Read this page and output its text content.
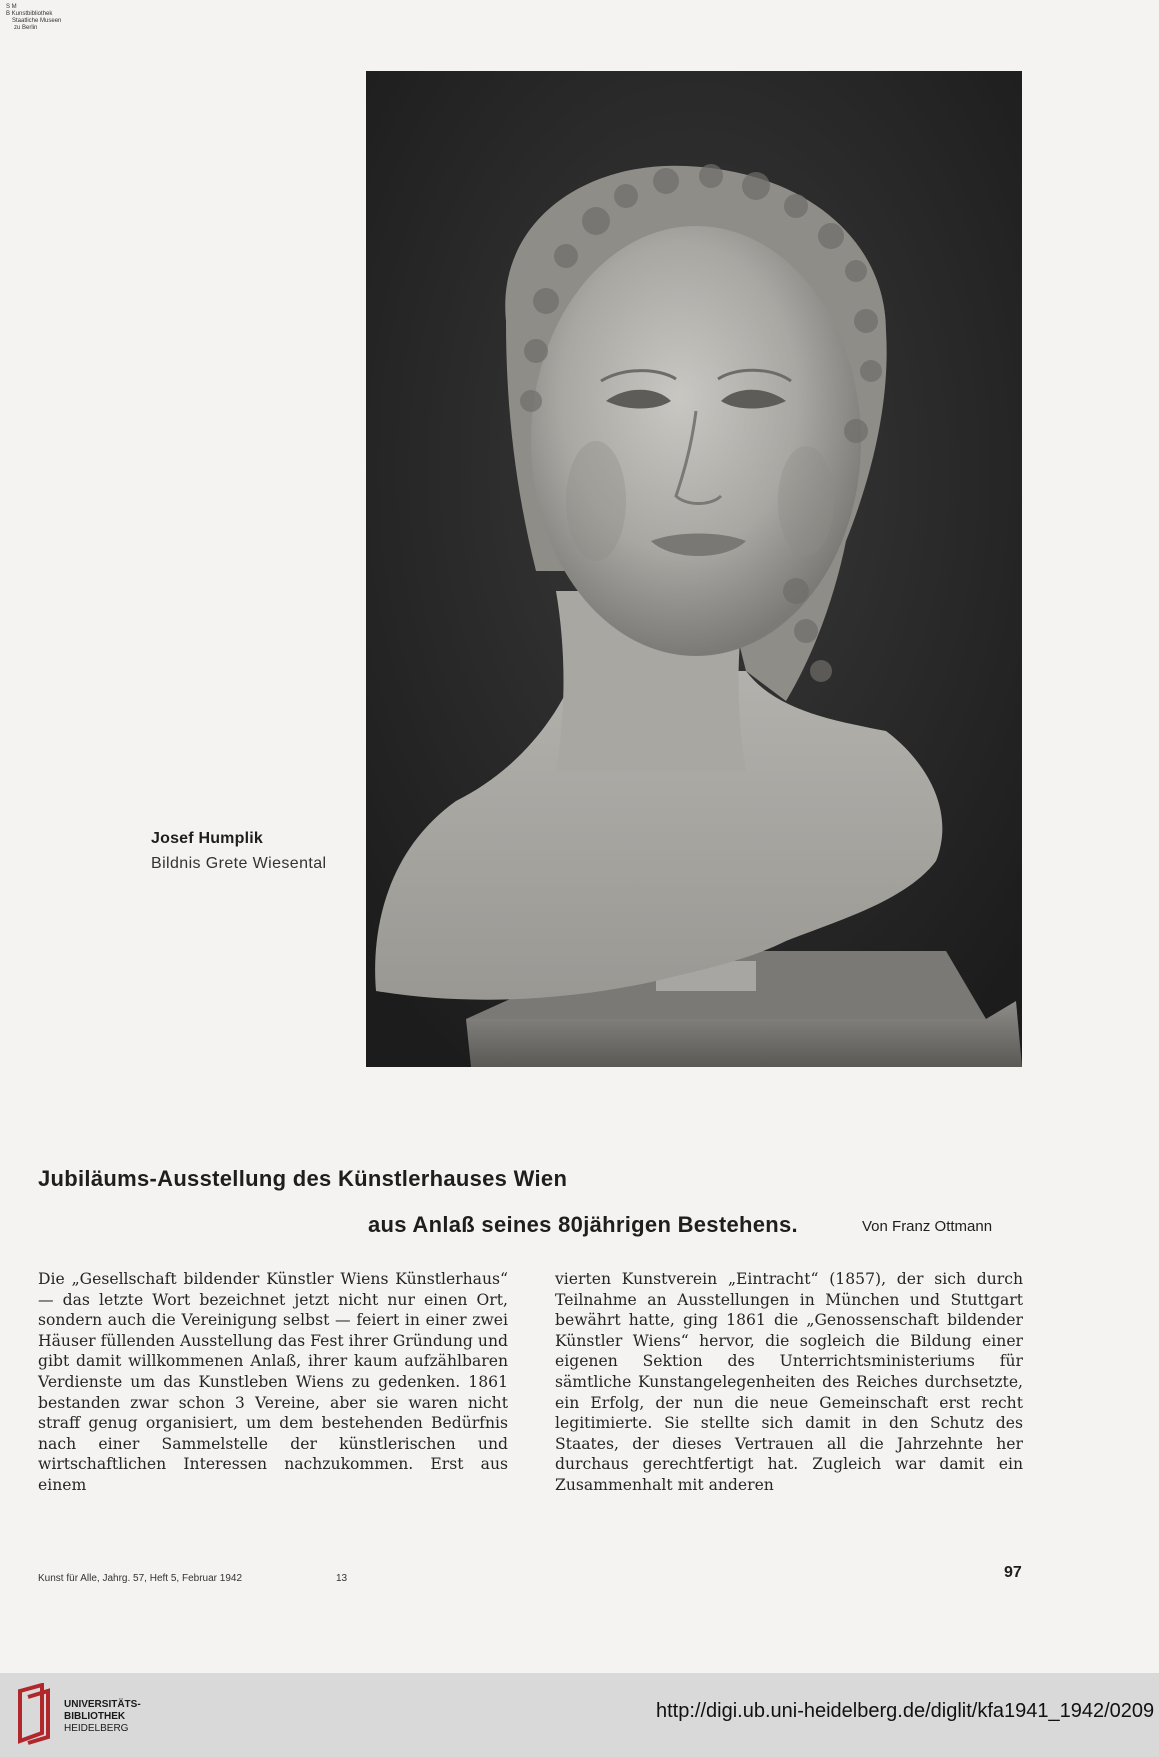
S M
B Kunstbibliothek
Staatliche Museen
zu Berlin
Josef Humplik
Bildnis Grete Wiesental
Jubiläums-Ausstellung des Künstlerhauses Wien
aus Anlaß seines 80jährigen Bestehens.	Von Franz Ottmann
Die „Gesellschaft bildender Künstler Wiens Künstlerhaus“ — das letzte Wort bezeichnet jetzt nicht nur einen Ort, sondern auch die Vereinigung selbst — feiert in einer zwei Häuser füllenden Ausstellung das Fest ihrer Gründung und gibt damit willkommenen Anlaß, ihrer kaum aufzählbaren Verdienste um das Kunstleben Wiens zu gedenken. 1861 bestanden zwar schon 3 Vereine, aber sie waren nicht straff genug organisiert, um dem bestehenden Bedürfnis nach einer Sammelstelle der künstlerischen und wirtschaftlichen Interessen nachzukommen. Erst aus einem
vierten Kunstverein „Eintracht“ (1857), der sich durch Teilnahme an Ausstellungen in München und Stuttgart bewährt hatte, ging 1861 die „Genossenschaft bildender Künstler Wiens“ hervor, die sogleich die Bildung einer eigenen Sektion des Unterrichtsministeriums für sämtliche Kunstangelegenheiten des Reiches durchsetzte, ein Erfolg, der nun die neue Gemeinschaft erst recht legitimierte. Sie stellte sich damit in den Schutz des Staates, der dieses Vertrauen all die Jahrzehnte her durchaus gerechtfertigt hat. Zugleich war damit ein Zusammenhalt mit anderen
Kunst für Alle, Jahrg. 57, Heft 5, Februar 1942	13	97
UNIVERSITÄTS-
BIBLIOTHEK
HEIDELBERG
http://digi.ub.uni-heidelberg.de/diglit/kfa1941_1942/0209
